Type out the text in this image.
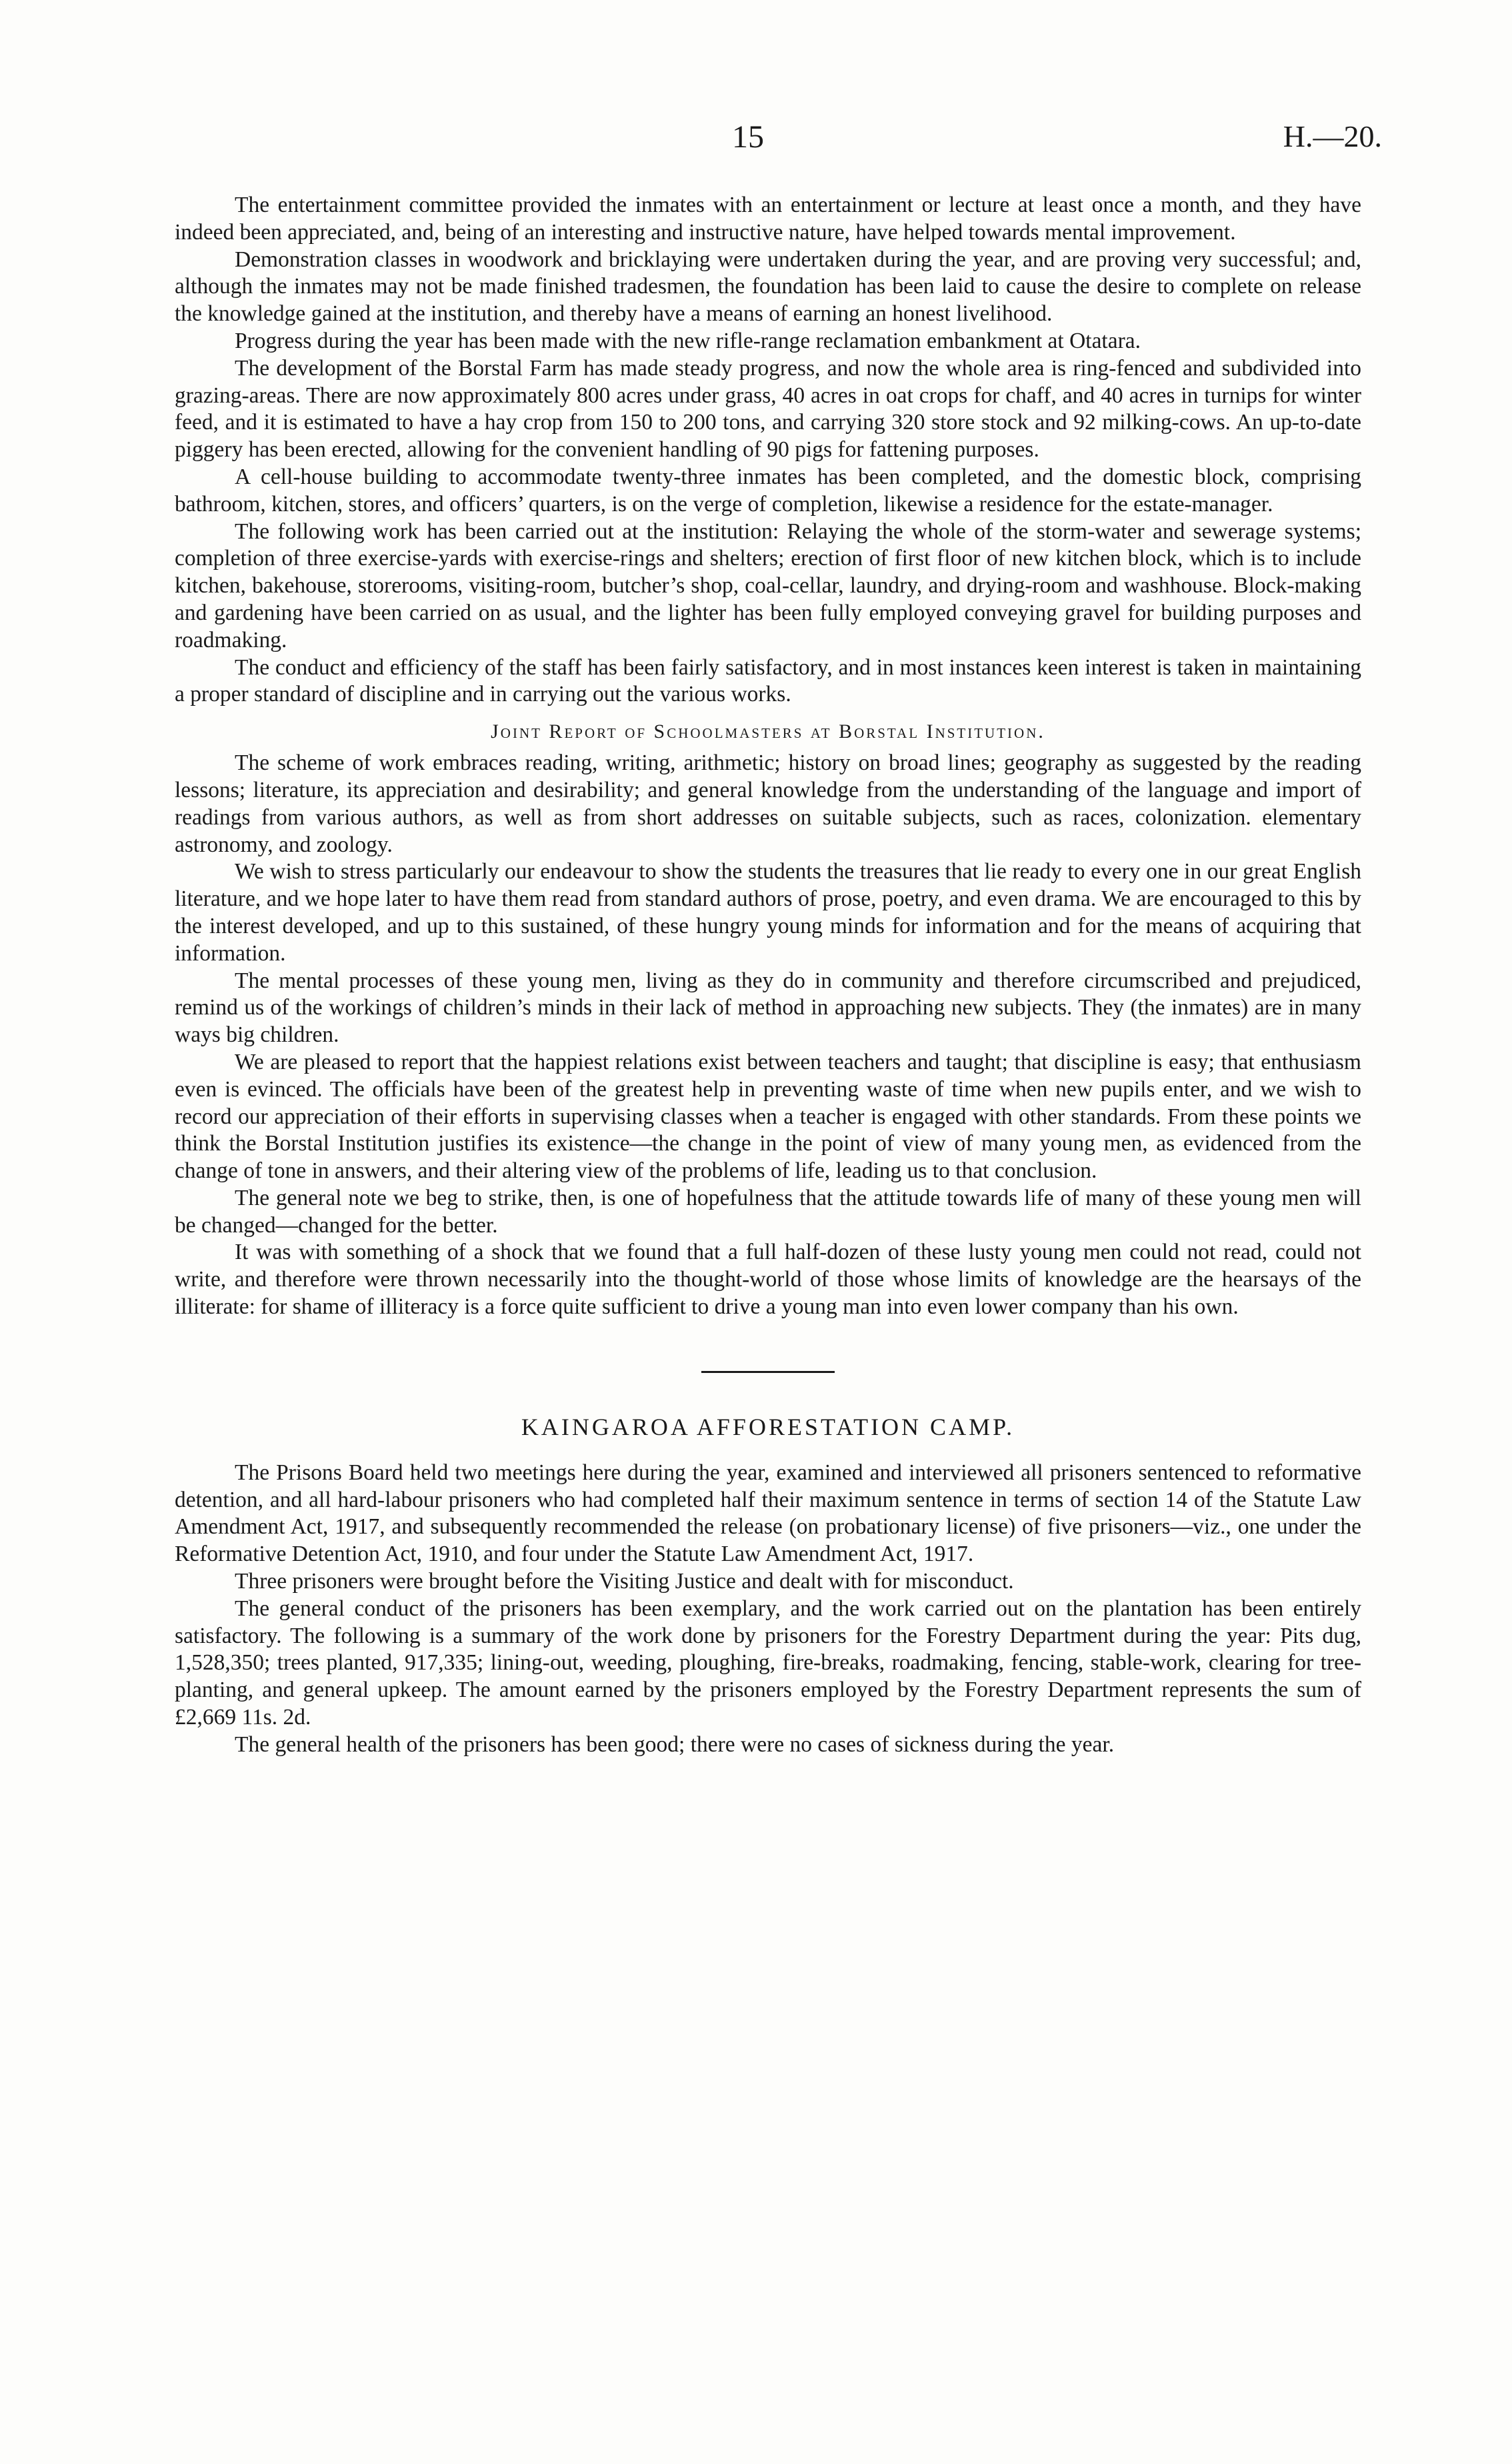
15	H.—20.

The entertainment committee provided the inmates with an entertainment or lecture at least once a month, and they have indeed been appreciated, and, being of an interesting and instructive nature, have helped towards mental improvement.

Demonstration classes in woodwork and bricklaying were undertaken during the year, and are proving very successful; and, although the inmates may not be made finished tradesmen, the foundation has been laid to cause the desire to complete on release the knowledge gained at the institution, and thereby have a means of earning an honest livelihood.

Progress during the year has been made with the new rifle-range reclamation embankment at Otatara.

The development of the Borstal Farm has made steady progress, and now the whole area is ring-fenced and subdivided into grazing-areas. There are now approximately 800 acres under grass, 40 acres in oat crops for chaff, and 40 acres in turnips for winter feed, and it is estimated to have a hay crop from 150 to 200 tons, and carrying 320 store stock and 92 milking-cows. An up-to-date piggery has been erected, allowing for the convenient handling of 90 pigs for fattening purposes.

A cell-house building to accommodate twenty-three inmates has been completed, and the domestic block, comprising bathroom, kitchen, stores, and officers’ quarters, is on the verge of completion, likewise a residence for the estate-manager.

The following work has been carried out at the institution: Relaying the whole of the storm-water and sewerage systems; completion of three exercise-yards with exercise-rings and shelters; erection of first floor of new kitchen block, which is to include kitchen, bakehouse, storerooms, visiting-room, butcher’s shop, coal-cellar, laundry, and drying-room and washhouse. Block-making and gardening have been carried on as usual, and the lighter has been fully employed conveying gravel for building purposes and roadmaking.

The conduct and efficiency of the staff has been fairly satisfactory, and in most instances keen interest is taken in maintaining a proper standard of discipline and in carrying out the various works.

Joint Report of Schoolmasters at Borstal Institution.

The scheme of work embraces reading, writing, arithmetic; history on broad lines; geography as suggested by the reading lessons; literature, its appreciation and desirability; and general knowledge from the understanding of the language and import of readings from various authors, as well as from short addresses on suitable subjects, such as races, colonization. elementary astronomy, and zoology.

We wish to stress particularly our endeavour to show the students the treasures that lie ready to every one in our great English literature, and we hope later to have them read from standard authors of prose, poetry, and even drama. We are encouraged to this by the interest developed, and up to this sustained, of these hungry young minds for information and for the means of acquiring that information.

The mental processes of these young men, living as they do in community and therefore circumscribed and prejudiced, remind us of the workings of children’s minds in their lack of method in approaching new subjects. They (the inmates) are in many ways big children.

We are pleased to report that the happiest relations exist between teachers and taught; that discipline is easy; that enthusiasm even is evinced. The officials have been of the greatest help in preventing waste of time when new pupils enter, and we wish to record our appreciation of their efforts in supervising classes when a teacher is engaged with other standards. From these points we think the Borstal Institution justifies its existence—the change in the point of view of many young men, as evidenced from the change of tone in answers, and their altering view of the problems of life, leading us to that conclusion.

The general note we beg to strike, then, is one of hopefulness that the attitude towards life of many of these young men will be changed—changed for the better.

It was with something of a shock that we found that a full half-dozen of these lusty young men could not read, could not write, and therefore were thrown necessarily into the thought-world of those whose limits of knowledge are the hearsays of the illiterate: for shame of illiteracy is a force quite sufficient to drive a young man into even lower company than his own.

KAINGAROA AFFORESTATION CAMP.

The Prisons Board held two meetings here during the year, examined and interviewed all prisoners sentenced to reformative detention, and all hard-labour prisoners who had completed half their maximum sentence in terms of section 14 of the Statute Law Amendment Act, 1917, and subsequently recommended the release (on probationary license) of five prisoners—viz., one under the Reformative Detention Act, 1910, and four under the Statute Law Amendment Act, 1917.

Three prisoners were brought before the Visiting Justice and dealt with for misconduct.

The general conduct of the prisoners has been exemplary, and the work carried out on the plantation has been entirely satisfactory. The following is a summary of the work done by prisoners for the Forestry Department during the year: Pits dug, 1,528,350; trees planted, 917,335; lining-out, weeding, ploughing, fire-breaks, roadmaking, fencing, stable-work, clearing for tree-planting, and general upkeep. The amount earned by the prisoners employed by the Forestry Department represents the sum of £2,669 11s. 2d.

The general health of the prisoners has been good; there were no cases of sickness during the year.
